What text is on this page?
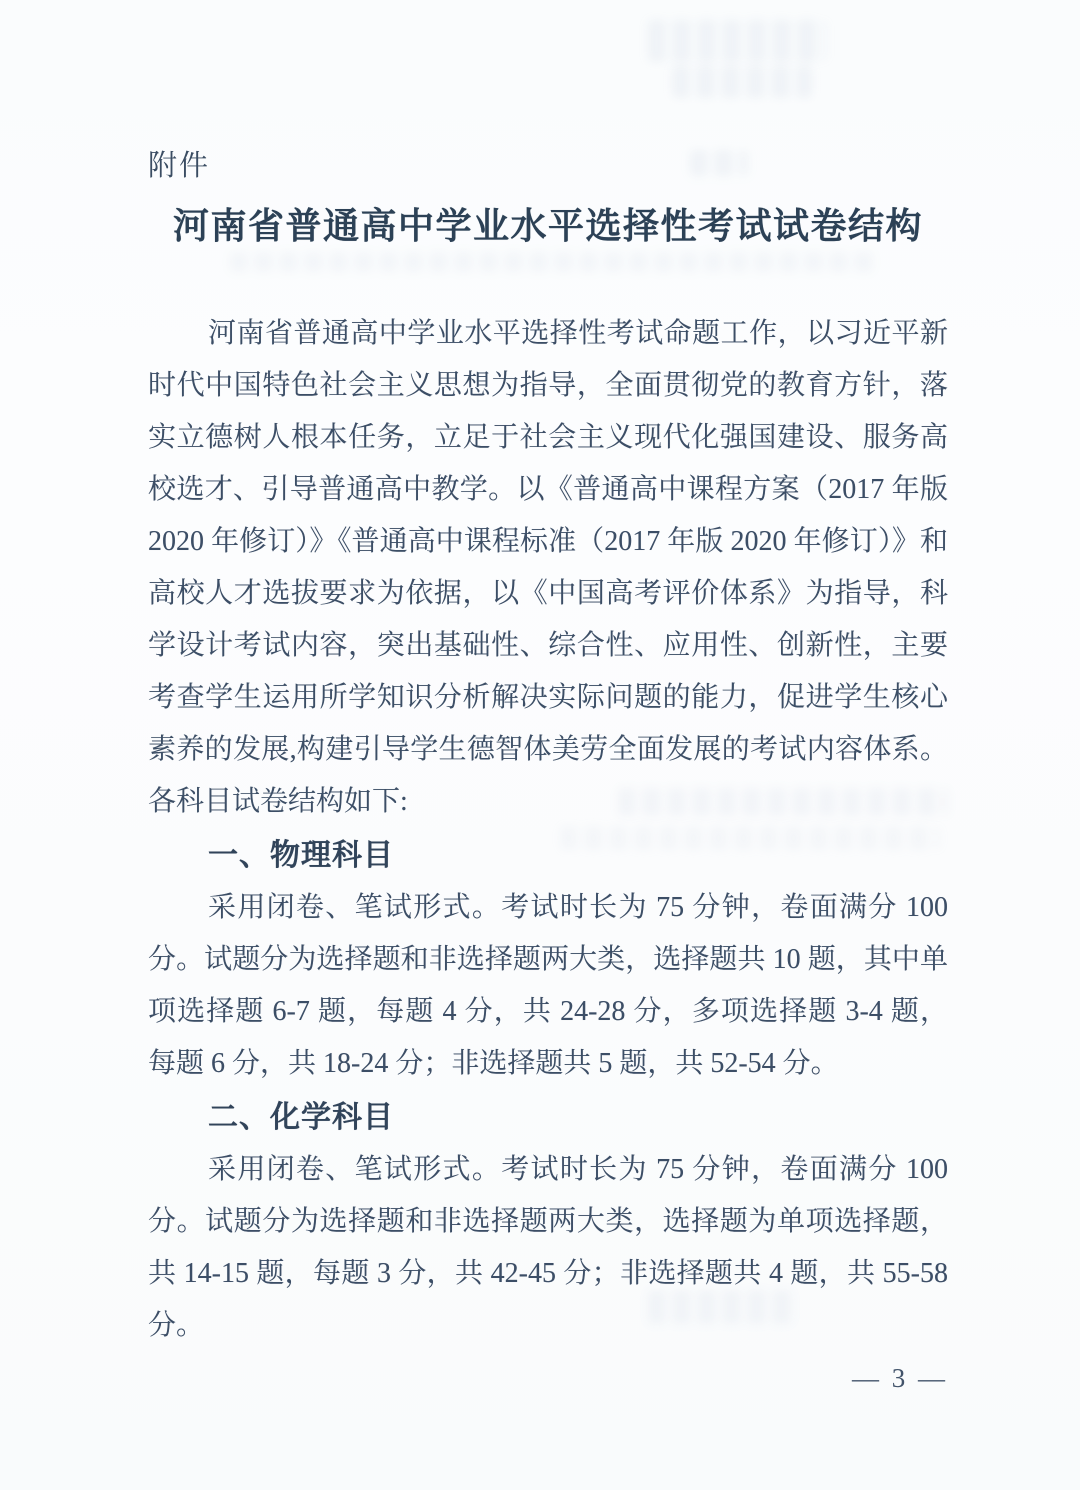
附件
河南省普通高中学业水平选择性考试试卷结构
河南省普通高中学业水平选择性考试命题工作，以习近平新
时代中国特色社会主义思想为指导，全面贯彻党的教育方针，落
实立德树人根本任务，立足于社会主义现代化强国建设、服务高
校选才、引导普通高中教学。以《普通高中课程方案（2017 年版
2020 年修订）》《普通高中课程标准（2017 年版 2020 年修订）》和
高校人才选拔要求为依据，以《中国高考评价体系》为指导，科
学设计考试内容，突出基础性、综合性、应用性、创新性，主要
考查学生运用所学知识分析解决实际问题的能力，促进学生核心
素养的发展,构建引导学生德智体美劳全面发展的考试内容体系。
各科目试卷结构如下:
一、物理科目
采用闭卷、笔试形式。考试时长为 75 分钟，卷面满分 100
分。试题分为选择题和非选择题两大类，选择题共 10 题，其中单
项选择题 6-7 题，每题 4 分，共 24-28 分，多项选择题 3-4 题，
每题 6 分，共 18-24 分；非选择题共 5 题，共 52-54 分。
二、化学科目
采用闭卷、笔试形式。考试时长为 75 分钟，卷面满分 100
分。试题分为选择题和非选择题两大类，选择题为单项选择题，
共 14-15 题，每题 3 分，共 42-45 分；非选择题共 4 题，共 55-58
分。
— 3 —
